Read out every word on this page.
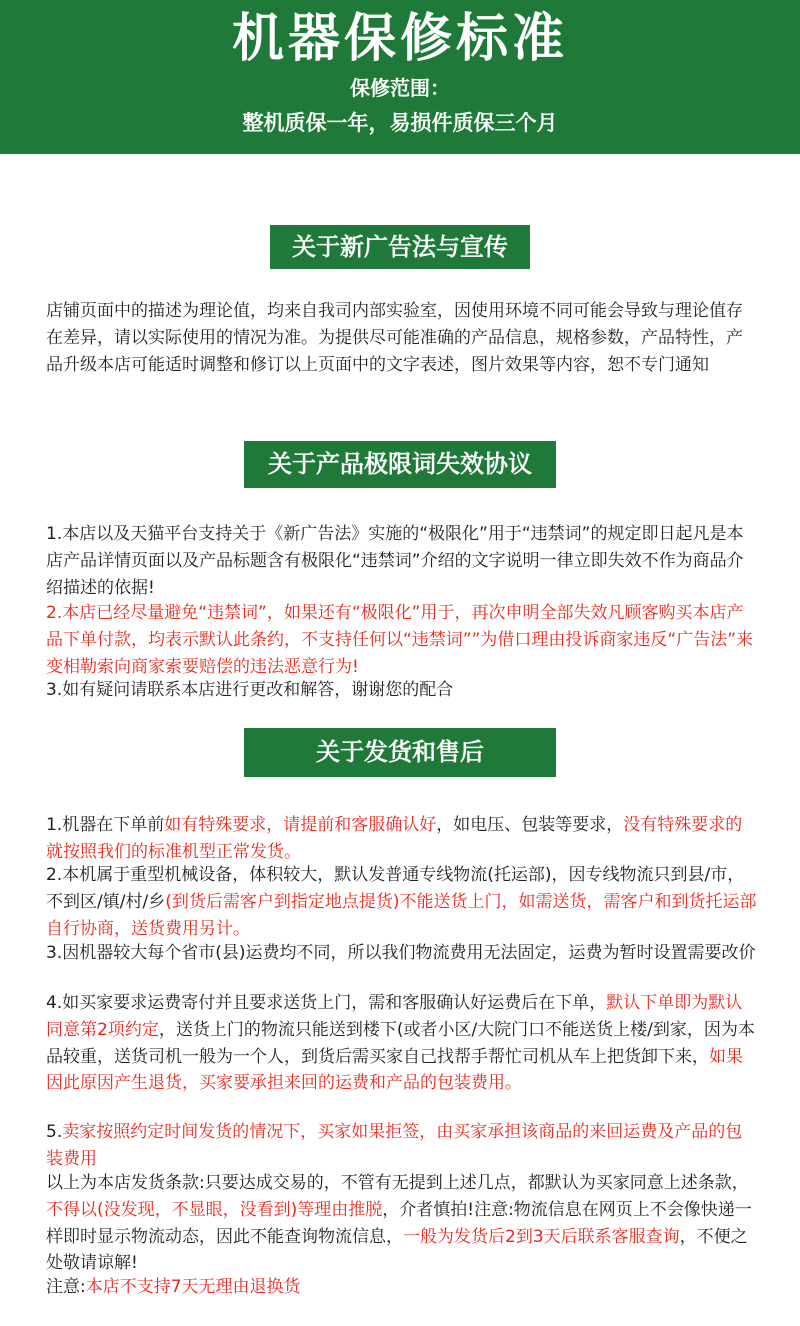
机器保修标准
保修范围：
整机质保一年，易损件质保三个月
关于新广告法与宣传

店铺页面中的描述为理论值，均来自我司内部实验室，因使用环境不同可能会导致与理论值存在差异，请以实际使用的情况为准。为提供尽可能准确的产品信息，规格参数，产品特性，产品升级本店可能适时调整和修订以上页面中的文字表述，图片效果等内容，恕不专门通知

关于产品极限词失效协议

1.本店以及天猫平台支持关于《新广告法》实施的“极限化”用于“违禁词”的规定即日起凡是本店产品详情页面以及产品标题含有极限化“违禁词”介绍的文字说明一律立即失效不作为商品介绍描述的依据!

2.本店已经尽量避免“违禁词”，如果还有“极限化”用于，再次申明全部失效凡顾客购买本店产品下单付款，均表示默认此条约，不支持任何以“违禁词””为借口理由投诉商家违反“广告法”来变相勒索向商家索要赔偿的违法恶意行为!

3.如有疑问请联系本店进行更改和解答，谢谢您的配合

关于发货和售后

1.机器在下单前如有特殊要求，请提前和客服确认好，如电压、包装等要求，没有特殊要求的就按照我们的标准机型正常发货。

2.本机属于重型机械设备，体积较大，默认发普通专线物流(托运部)，因专线物流只到县/市，不到区/镇/村/乡(到货后需客户到指定地点提货)不能送货上门，如需送货，需客户和到货托运部自行协商，送货费用另计。

3.因机器较大每个省市(县)运费均不同，所以我们物流费用无法固定，运费为暂时设置需要改价

4.如买家要求运费寄付并且要求送货上门，需和客服确认好运费后在下单，默认下单即为默认同意第2项约定，送货上门的物流只能送到楼下(或者小区/大院门口不能送货上楼/到家，因为本品较重，送货司机一般为一个人，到货后需买家自己找帮手帮忙司机从车上把货卸下来，如果因此原因产生退货，买家要承担来回的运费和产品的包装费用。

5.卖家按照约定时间发货的情况下，买家如果拒签，由买家承担该商品的来回运费及产品的包装费用

以上为本店发货条款:只要达成交易的，不管有无提到上述几点，都默认为买家同意上述条款，不得以(没发现，不显眼，没看到)等理由推脱，介者慎拍!注意:物流信息在网页上不会像快递一样即时显示物流动态，因此不能查询物流信息，一般为发货后2到3天后联系客服查询，不便之处敬请谅解!

注意:本店不支持7天无理由退换货
